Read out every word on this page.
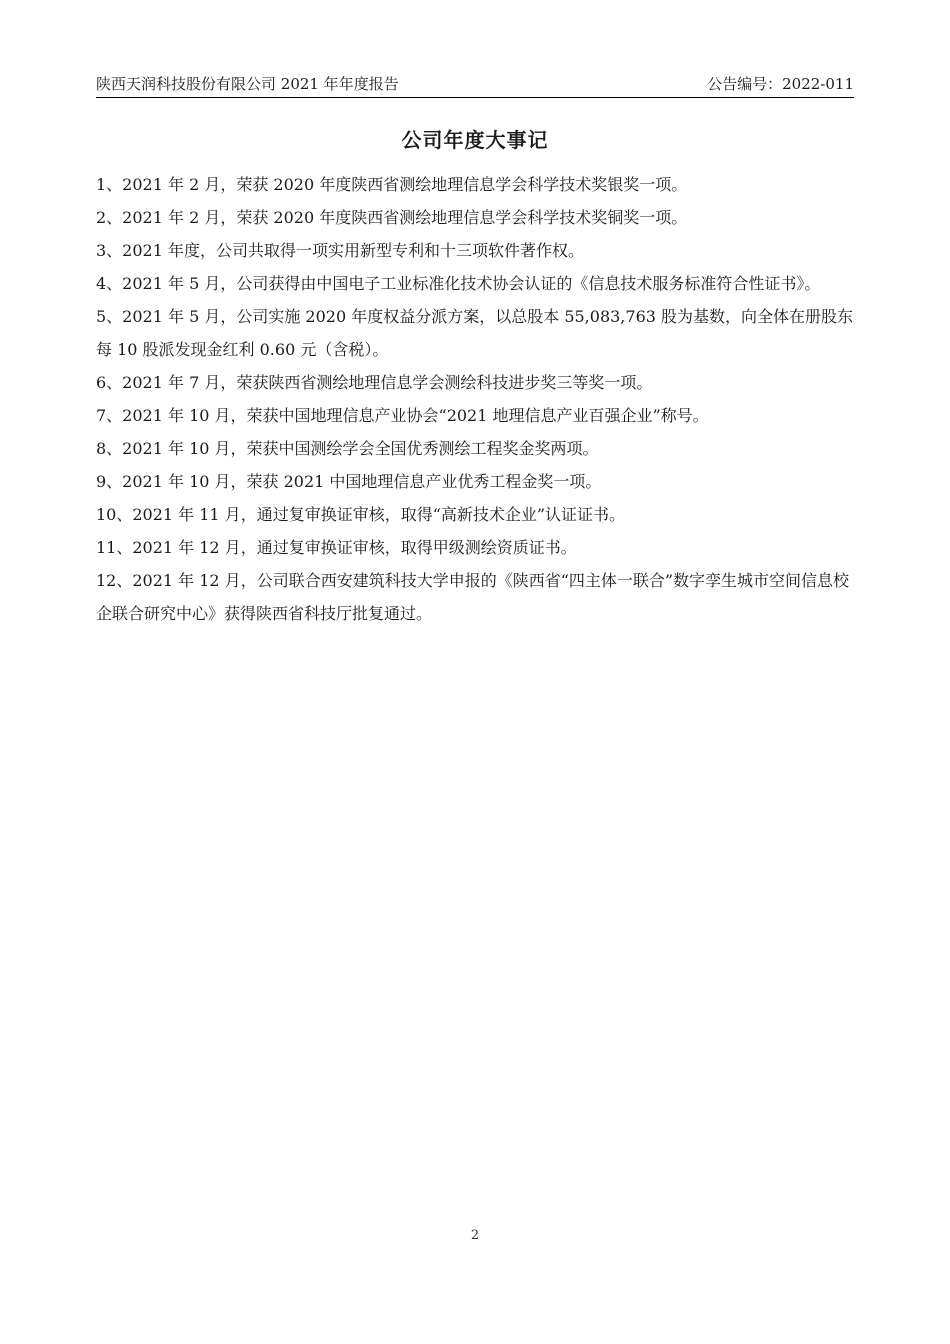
陕西天润科技股份有限公司 2021 年年度报告	公告编号：2022-011
公司年度大事记
1、2021 年 2 月，荣获 2020 年度陕西省测绘地理信息学会科学技术奖银奖一项。
2、2021 年 2 月，荣获 2020 年度陕西省测绘地理信息学会科学技术奖铜奖一项。
3、2021 年度，公司共取得一项实用新型专利和十三项软件著作权。
4、2021 年 5 月，公司获得由中国电子工业标准化技术协会认证的《信息技术服务标准符合性证书》。
5、2021 年 5 月，公司实施 2020 年度权益分派方案，以总股本 55,083,763 股为基数，向全体在册股东每 10 股派发现金红利 0.60 元（含税）。
6、2021 年 7 月，荣获陕西省测绘地理信息学会测绘科技进步奖三等奖一项。
7、2021 年 10 月，荣获中国地理信息产业协会“2021 地理信息产业百强企业”称号。
8、2021 年 10 月，荣获中国测绘学会全国优秀测绘工程奖金奖两项。
9、2021 年 10 月，荣获 2021 中国地理信息产业优秀工程金奖一项。
10、2021 年 11 月，通过复审换证审核，取得“高新技术企业”认证证书。
11、2021 年 12 月，通过复审换证审核，取得甲级测绘资质证书。
12、2021 年 12 月，公司联合西安建筑科技大学申报的《陕西省“四主体一联合”数字孪生城市空间信息校企联合研究中心》获得陕西省科技厅批复通过。
2
